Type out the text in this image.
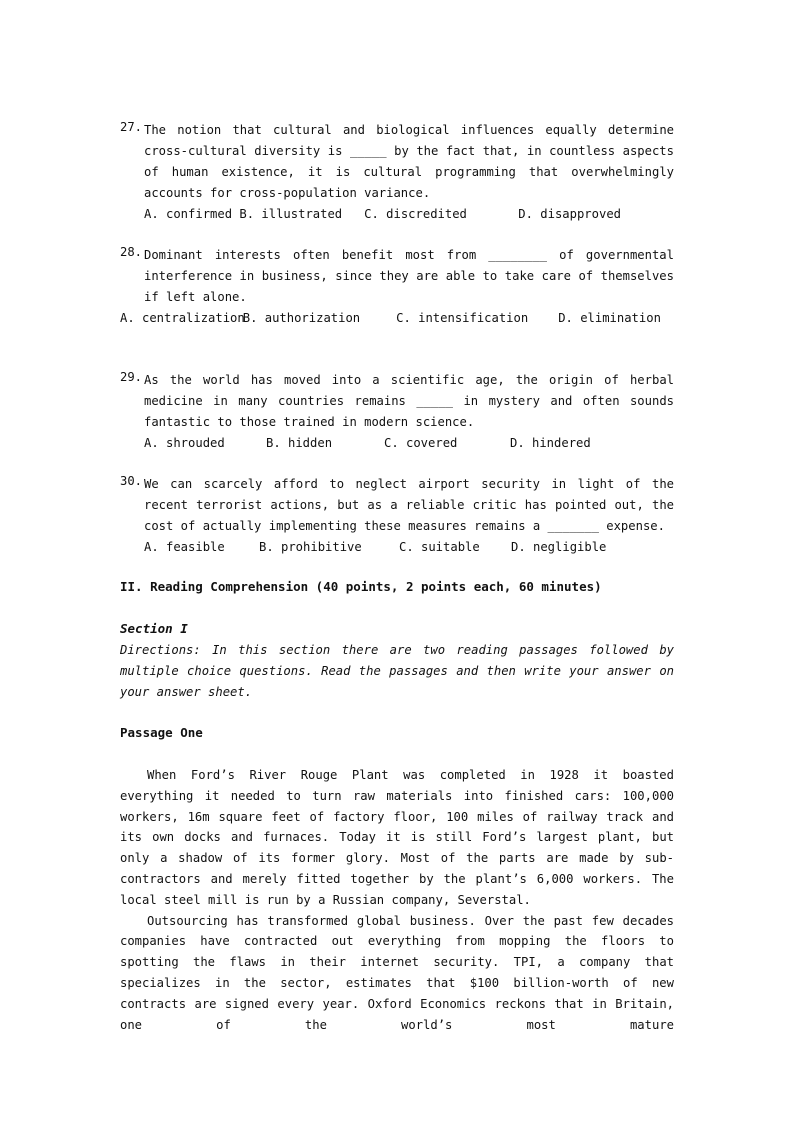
27. The notion that cultural and biological influences equally determine cross-cultural diversity is _____ by the fact that, in countless aspects of human existence, it is cultural programming that overwhelmingly accounts for cross-population variance.
A. confirmed B. illustrated C. discredited	D. disapproved
28. Dominant interests often benefit most from ________ of governmental interference in business, since they are able to take care of themselves if left alone.
A. centralizationB. authorization	C. intensification D. elimination
29. As the world has moved into a scientific age, the origin of herbal medicine in many countries remains _____ in mystery and often sounds fantastic to those trained in modern science.
A. shrouded	B. hidden	C. covered	D. hindered
30. We can scarcely afford to neglect airport security in light of the recent terrorist actions, but as a reliable critic has pointed out, the cost of actually implementing these measures remains a _______ expense.
A. feasible	B. prohibitive	C. suitable	D. negligible
II. Reading Comprehension (40 points, 2 points each, 60 minutes)
Section I
Directions: In this section there are two reading passages followed by multiple choice questions. Read the passages and then write your answer on your answer sheet.
Passage One

When Ford’s River Rouge Plant was completed in 1928 it boasted everything it needed to turn raw materials into finished cars: 100,000 workers, 16m square feet of factory floor, 100 miles of railway track and its own docks and furnaces. Today it is still Ford’s largest plant, but only a shadow of its former glory. Most of the parts are made by sub-contractors and merely fitted together by the plant’s 6,000 workers. The local steel mill is run by a Russian company, Severstal.

Outsourcing has transformed global business. Over the past few decades companies have contracted out everything from mopping the floors to spotting the flaws in their internet security. TPI, a company that specializes in the sector, estimates that $100 billion-worth of new contracts are signed every year. Oxford Economics reckons that in Britain, one of the world’s most mature
